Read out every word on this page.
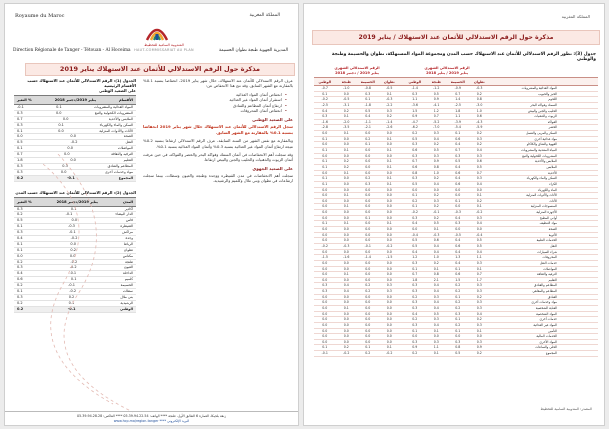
Royaume du Maroc	المملكة المغربية
المندوبية السامية للتخطيط
HAUT-COMMISSARIAT AU PLAN
Direction Régionale de Tanger - Tétouan - Al Hoceima	المديرية الجهوية طنجة تطوان الحسيمة
مذكرة حول الرقم الاستدلالي للأثمان عند الاستهلاك يناير 2019
الجدول (1): الرقم الاستدلالي للأثمان عند الاستهلاك حسب الأقسام الرئيسية
على الصعيد الوطني
التغير %	يناير 2019/دجنبر 2018	الأقسام
-0.1	0.1	المواد الغذائية والمشروبات
0.3	0.0	المشروبات الكحولية والتبغ
0.7	0.0	الملابس والأحذية
0.3	0.1	السكن والماء والكهرباء
0.1	0.0	الأثاث والأدوات المنزلية
0.0	0.0	الصحة
0.5	-0.2	النقل
0.1	0.0	المواصلات
0.7	0.0	الترفيه والثقافة
1.8	0.0	التعليم
0.3	0.3	المطاعم والفنادق
0.3	0.0	مواد وخدمات أخرى
0.2	-0.1	المجموع
الجدول (2): الرقم الاستدلالي للأثمان عند الاستهلاك حسب المدن
التغير %	يناير 2019/دجنبر 2018	المدن
0.3	0.1	أكادير
0.2	-0.1	الدار البيضاء
0.5	0.0	فاس
0.1	-0.3	القنيطرة
0.3	-0.1	مراكش
0.4	-0.2	وجدة
0.1	0.0	الرباط
0.1	0.2	تطوان
0.0	0.0	مكناس
0.2	-0.2	طنجة
0.3	-0.2	العيون
0.4	-0.1	الداخلة
0.6	0.1	كلميم
0.2	-0.1	الحسيمة
0.1	-0.2	سطات
0.3	0.2	بني ملال
0.2	0.1	الرشيدية
0.2	-0.1	الوطني

عرف الرقم الاستدلالي للأثمان عند الاستهلاك، خلال شهر يناير 2019، انخفاضا بنسبة 0.1% بالمقارنة مع الشهر السابق. وقد نتج هذا الانخفاض عن:

• انخفاض أثمان المواد الغذائية
• استقرار أثمان المواد غير الغذائية
• ارتفاع أثمان المطاعم والفنادق
• انخفاض أثمان المحروقات
على الصعيد الوطني

سجل الرقم الاستدلالي للأثمان عند الاستهلاك خلال شهر يناير 2019 انخفاضا بنسبة 0.1% بالمقارنة مع الشهر السابق.

وبالمقارنة مع نفس الشهر من السنة السابقة، عرف الرقم الاستدلالي ارتفاعا بنسبة 0.2% نتيجة ارتفاع أثمان المواد غير الغذائية بنسبة 0.3% وأثمان المواد الغذائية بنسبة 0.1%.

وقد سجلت أهم الانخفاضات في أثمان السمك وفواكه البحر والخضر والفواكه، في حين عرفت أثمان الزيوت والذهنيات والحليب والجبن والبيض ارتفاعا.

على الصعيد الجهوي

سجلت أهم الانخفاضات في مدن القنيطرة ووجدة وطنجة والعيون وسطات، بينما سجلت ارتفاعات في تطوان وبني ملال وكلميم والرشيدية.

زنقة بلجيكا، العمارة 6 الطابق الأول، طنجة **** الهاتف: 05.39.94.22.54 **** الفاكس: 05.39.94.28.28
www.hcp.ma/region-tanger **** البريد الإلكتروني
المملكة المغربية
مذكرة حول الرقم الاستدلالي للأثمان عند الاستهلاك / يناير 2019
جدول (3): تطور الرقم الاستدلالي للأثمان عند الاستهلاك حسب المدن ومجموعة المواد المستهلكة، تطوان والحسيمة وطنجة والوطني
الرقم الاستدلالي الشهري
يناير 2019 / دجنبر 2018
الرقم الاستدلالي الشهري
يناير 2019 / يناير 2018
الوطني	طنجة	الحسيمة	تطوان	الوطني	طنجة	الحسيمة	تطوان
-0.7	-1.0	-0.8	-0.5	-1.4	-1.2	-0.9	-0.3	المواد الغذائية والمشروبات
0.1	0.0	0.3	0.1	0.3	0.5	0.7	0.2	الخبز والحبوب
-0.2	-0.5	0.1	-0.3	1.1	0.9	1.4	0.8	اللحوم
-2.5	-3.1	-1.8	-2.2	-3.6	-4.1	-2.5	-3.0	السمك وفواكه البحر
0.4	0.2	0.5	0.3	1.5	1.2	1.8	1.0	الحليب والجبن والبيض
0.3	0.1	0.4	0.2	0.9	0.7	1.1	0.6	الزيوت والذهنيات
-1.6	-2.0	-1.1	-1.4	-4.7	-5.2	-3.9	-4.3	الفواكه
-2.8	-3.5	-2.1	-2.6	-6.2	-7.0	-5.4	-5.9	الخضر
0.0	0.1	0.0	0.0	0.2	0.3	0.1	0.2	السكر والمربى والعسل
0.1	0.0	0.2	0.1	0.5	0.4	0.6	0.3	مواد غذائية أخرى
0.0	0.0	0.1	0.0	0.3	0.2	0.4	0.2	القهوة والشاي والكاكاو
0.1	0.1	0.0	0.1	0.6	0.5	0.7	0.4	المياه المعدنية والمشروبات
0.0	0.0	0.0	0.0	0.3	0.3	0.3	0.3	المشروبات الكحولية والتبغ
0.1	0.2	0.0	0.1	0.7	0.9	0.5	0.6	الملابس والأحذية
0.1	0.2	0.0	0.1	0.6	0.8	0.4	0.5	الملابس
0.0	0.1	0.0	0.0	0.8	1.0	0.6	0.7	الأحذية
0.1	0.0	0.2	0.1	0.3	0.2	0.4	0.3	السكن والماء والكهرباء
0.1	0.0	0.3	0.1	0.5	0.4	0.6	0.4	الكراء
0.0	0.0	0.0	0.0	0.0	0.0	0.0	0.0	الماء والكهرباء
0.0	0.1	0.0	0.0	0.1	0.2	0.0	0.1	الأثاث والأدوات المنزلية
0.0	0.0	0.0	0.0	0.2	0.3	0.1	0.2	الأثاث
0.0	0.1	0.0	0.0	0.1	0.2	0.0	0.1	المنسوجات المنزلية
0.0	0.0	0.0	0.0	-0.2	-0.1	-0.3	-0.2	الأجهزة المنزلية
0.0	0.0	0.1	0.0	0.3	0.2	0.4	0.3	أواني المطبخ
0.1	0.1	0.0	0.1	0.4	0.5	0.3	0.4	مواد التنظيف
0.0	0.0	0.0	0.0	0.0	0.1	0.0	0.0	الصحة
0.0	0.0	0.0	0.0	-0.4	-0.3	-0.5	-0.4	الأدوية
0.0	0.0	0.0	0.0	0.5	0.6	0.4	0.5	الخدمات الطبية
-0.2	-0.3	-0.1	-0.2	0.5	0.4	0.6	0.5	النقل
0.0	0.0	0.0	0.0	0.4	0.4	0.4	0.4	شراء السيارات
-1.5	-1.6	-1.4	-1.5	1.2	1.0	1.3	1.1	المحروقات
0.0	0.0	0.0	0.0	0.3	0.2	0.4	0.3	خدمات النقل
0.0	0.0	0.0	0.0	0.1	0.1	0.1	0.1	المواصلات
0.0	0.1	0.0	0.0	0.7	0.8	0.6	0.7	الترفيه والثقافة
0.0	0.0	0.0	0.0	1.8	2.1	1.5	1.7	التعليم
0.3	0.4	0.2	0.3	0.3	0.4	0.2	0.3	المطاعم والفنادق
0.3	0.4	0.2	0.3	0.3	0.4	0.2	0.3	المطاعم والمقاهي
0.0	0.0	0.0	0.0	0.2	0.3	0.1	0.2	الفنادق
0.0	0.0	0.0	0.0	0.3	0.4	0.2	0.3	مواد وخدمات أخرى
0.0	0.1	0.0	0.0	0.3	0.4	0.2	0.3	العناية الشخصية
0.0	0.0	0.0	0.0	0.4	0.5	0.3	0.4	المواد الشخصية
0.0	0.0	0.0	0.0	0.2	0.3	0.1	0.2	خدمات أخرى
0.0	0.0	0.0	0.0	0.3	0.4	0.2	0.3	المواد غير الغذائية
0.0	0.0	0.0	0.0	0.1	0.1	0.1	0.1	التأمين
0.0	0.0	0.0	0.0	0.0	0.0	0.0	0.0	الخدمات المالية
0.0	0.0	0.0	0.0	0.3	0.3	0.3	0.3	المواد الأخرى
0.1	0.2	0.1	0.1	0.9	1.1	0.8	0.9	الحلي والساعات
-0.1	-0.2	0.2	-0.2	0.2	0.1	0.5	0.2	المجموع
المصدر: المندوبية السامية للتخطيط
